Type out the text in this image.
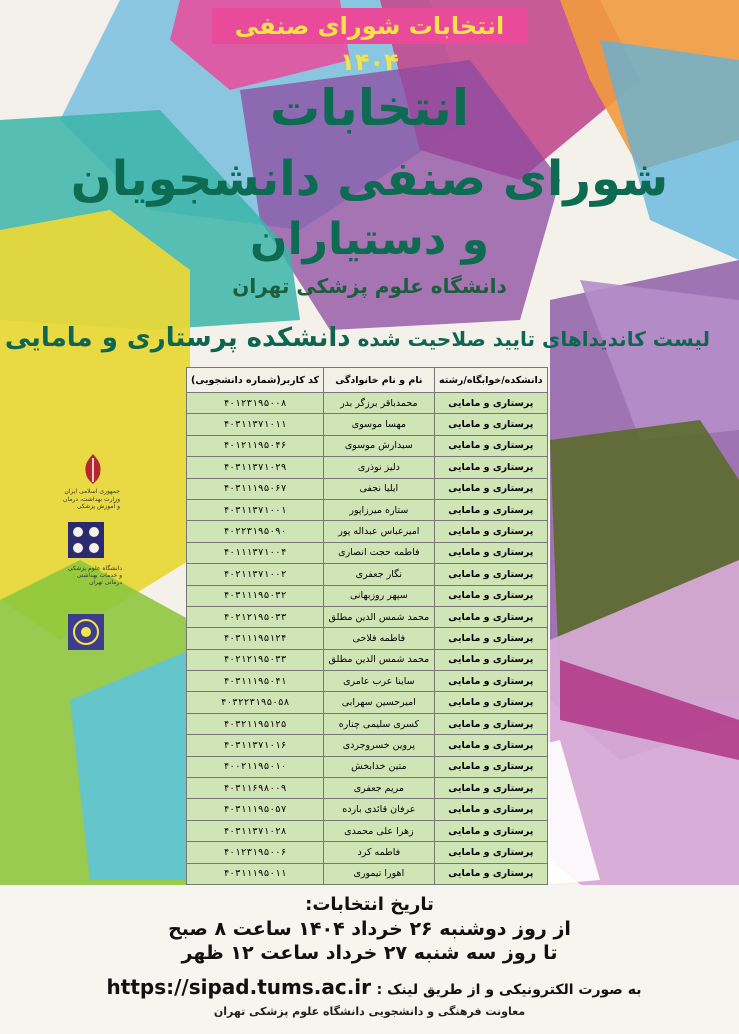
انتخابات شورای صنفی ۱۴۰۴
انتخابات
شورای صنفی دانشجویان
و دستیاران
دانشگاه علوم پزشکی تهران
لیست کاندیداهای تایید صلاحیت شده دانشکده پرستاری و مامایی
جمهوری اسلامی ایران
وزارت بهداشت، درمان و آموزش پزشکی
دانشگاه علوم پزشکی و خدمات بهداشتی درمانی تهران
دانشکده/خوابگاه/رشته	نام و نام خانوادگی	کد کاربر(شماره دانشجویی)
پرستاری و مامایی	محمدباقر برزگر بدر	۴۰۱۲۳۱۹۵۰۰۸
پرستاری و مامایی	مهسا موسوی	۴۰۳۱۱۳۷۱۰۱۱
پرستاری و مامایی	سیدارش موسوی	۴۰۱۲۱۱۹۵۰۴۶
پرستاری و مامایی	دلیز نوذری	۴۰۳۱۱۳۷۱۰۲۹
پرستاری و مامایی	ایلیا نجفی	۴۰۳۱۱۱۹۵۰۶۷
پرستاری و مامایی	ستاره میرزاپور	۴۰۳۱۱۳۷۱۰۰۱
پرستاری و مامایی	امیرعباس عبداله پور	۴۰۲۲۳۱۹۵۰۹۰
پرستاری و مامایی	فاطمه حجت انصاری	۴۰۱۱۱۳۷۱۰۰۴
پرستاری و مامایی	نگار جعفری	۴۰۲۱۱۳۷۱۰۰۲
پرستاری و مامایی	سپهر روزبهانی	۴۰۳۱۱۱۹۵۰۳۲
پرستاری و مامایی	محمد شمس الدین مطلق	۴۰۲۱۲۱۹۵۰۳۳
پرستاری و مامایی	فاطمه فلاحی	۴۰۳۱۱۱۹۵۱۲۴
پرستاری و مامایی	محمد شمس الدین مطلق	۴۰۲۱۲۱۹۵۰۳۳
پرستاری و مامایی	ساینا عرب عامری	۴۰۳۱۱۱۹۵۰۴۱
پرستاری و مامایی	امیرحسین سهرابی	۴۰۳۲۲۳۱۹۵۰۵۸
پرستاری و مامایی	کسری سلیمی چناره	۴۰۳۲۱۱۹۵۱۲۵
پرستاری و مامایی	پروین خسروجردی	۴۰۳۱۱۳۷۱۰۱۶
پرستاری و مامایی	متین خدابخش	۴۰۰۲۱۱۹۵۰۱۰
پرستاری و مامایی	مریم جعفری	۴۰۳۱۱۶۹۸۰۰۹
پرستاری و مامایی	عرفان قائدی بارده	۴۰۳۱۱۱۹۵۰۵۷
پرستاری و مامایی	زهرا علی محمدی	۴۰۳۱۱۳۷۱۰۲۸
پرستاری و مامایی	فاطمه کرد	۴۰۱۲۳۱۹۵۰۰۶
پرستاری و مامایی	اهورا تیموری	۴۰۳۱۱۱۹۵۰۱۱
تاریخ انتخابات:
از روز دوشنبه ۲۶ خرداد ۱۴۰۴ ساعت ۸ صبح
تا روز سه شنبه ۲۷ خرداد ساعت ۱۲ ظهر
به صورت الکترونیکی و از طریق لینک : https://sipad.tums.ac.ir
معاونت فرهنگی و دانشجویی دانشگاه علوم پزشکی تهران
